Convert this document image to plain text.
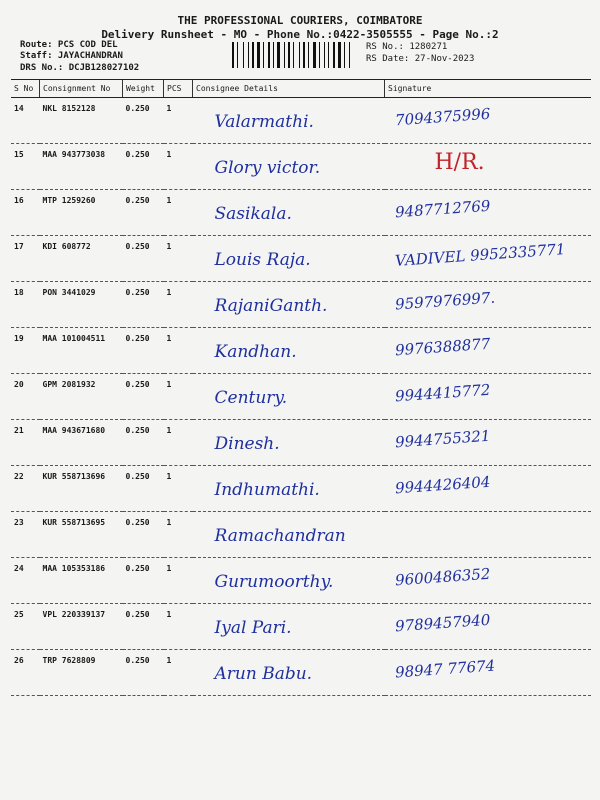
THE PROFESSIONAL COURIERS, COIMBATORE
Delivery Runsheet - MO - Phone No.:0422-3505555 - Page No.:2
Route: PCS COD DEL
Staff: JAYACHANDRAN
DRS No.: DCJB128027102
RS No.: 1280271
RS Date: 27-Nov-2023
S No	Consignment No	Weight	PCS	Consignee Details	Signature
14	NKL 8152128	0.250	1	Valarmathi.	7094375996

15	MAA 943773038	0.250	1	Glory victor.	H/R.

16	MTP 1259260	0.250	1	Sasikala.	9487712769

17	KDI 608772	0.250	1	Louis Raja.	VADIVEL 9952335771

18	PON 3441029	0.250	1	RajaniGanth.	9597976997.

19	MAA 101004511	0.250	1	Kandhan.	9976388877

20	GPM 2081932	0.250	1	Century.	9944415772

21	MAA 943671680	0.250	1	Dinesh.	9944755321

22	KUR 558713696	0.250	1	Indhumathi.	9944426404

23	KUR 558713695	0.250	1	Ramachandran	

24	MAA 105353186	0.250	1	Gurumoorthy.	9600486352

25	VPL 220339137	0.250	1	Iyal Pari.	9789457940

26	TRP 7628809	0.250	1	Arun Babu.	98947 77674
